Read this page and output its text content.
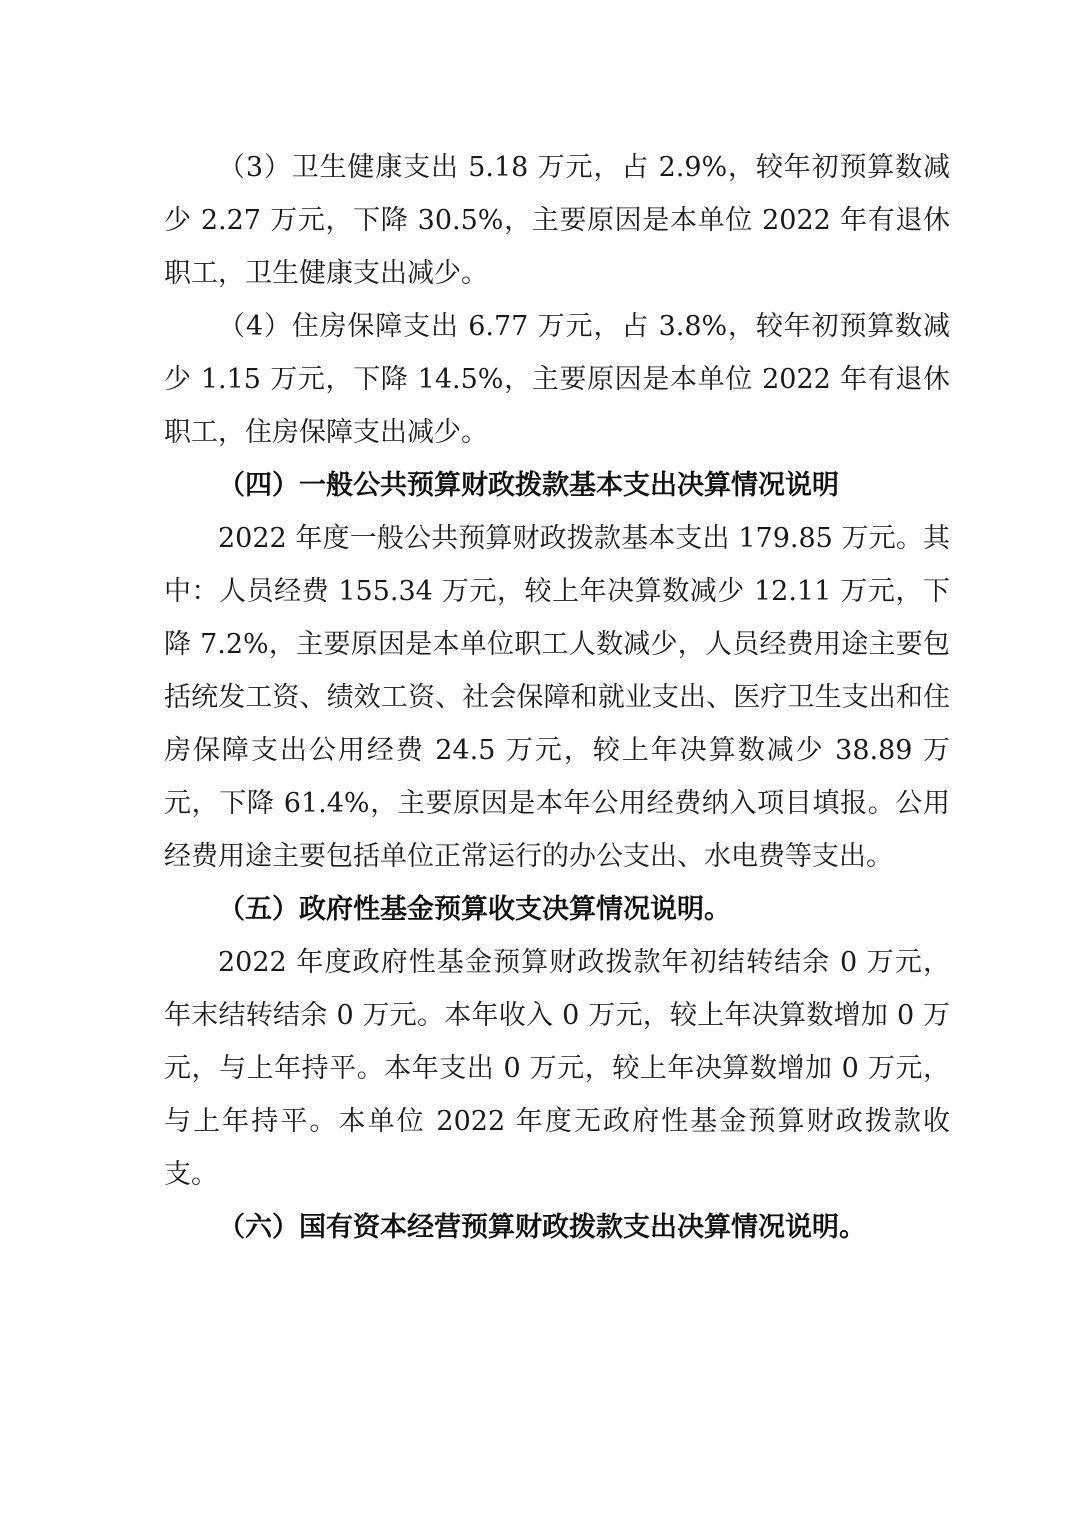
（3）卫生健康支出 5.18 万元，占 2.9%，较年初预算数减少 2.27 万元，下降 30.5%，主要原因是本单位 2022 年有退休职工，卫生健康支出减少。

（4）住房保障支出 6.77 万元，占 3.8%，较年初预算数减少 1.15 万元，下降 14.5%，主要原因是本单位 2022 年有退休职工，住房保障支出减少。

（四）一般公共预算财政拨款基本支出决算情况说明

2022 年度一般公共预算财政拨款基本支出 179.85 万元。其中：人员经费 155.34 万元，较上年决算数减少 12.11 万元，下降 7.2%，主要原因是本单位职工人数减少，人员经费用途主要包括统发工资、绩效工资、社会保障和就业支出、医疗卫生支出和住房保障支出公用经费 24.5 万元，较上年决算数减少 38.89 万元，下降 61.4%，主要原因是本年公用经费纳入项目填报。公用经费用途主要包括单位正常运行的办公支出、水电费等支出。

（五）政府性基金预算收支决算情况说明。

2022 年度政府性基金预算财政拨款年初结转结余 0 万元，年末结转结余 0 万元。本年收入 0 万元，较上年决算数增加 0 万元，与上年持平。本年支出 0 万元，较上年决算数增加 0 万元，与上年持平。本单位 2022 年度无政府性基金预算财政拨款收支。

（六）国有资本经营预算财政拨款支出决算情况说明。
